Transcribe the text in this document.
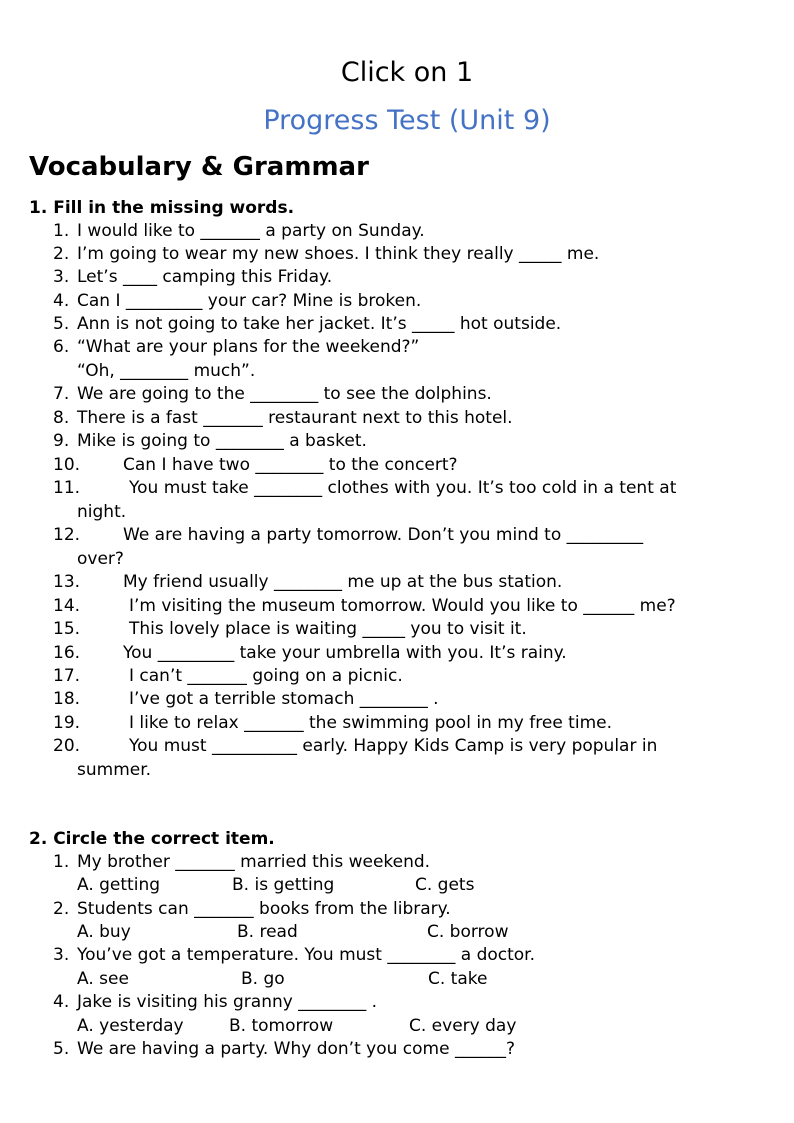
Click on 1
Progress Test (Unit 9)
Vocabulary & Grammar
1. Fill in the missing words.
1. I would like to _______ a party on Sunday.
2. I’m going to wear my new shoes. I think they really _____ me.
3. Let’s ____ camping this Friday.
4. Can I _________ your car? Mine is broken.
5. Ann is not going to take her jacket. It’s _____ hot outside.
6. “What are your plans for the weekend?”
“Oh, ________ much”.
7. We are going to the ________ to see the dolphins.
8. There is a fast _______ restaurant next to this hotel.
9. Mike is going to ________ a basket.
10.	Can I have two ________ to the concert?
11.	You must take ________ clothes with you. It’s too cold in a tent at
night.
12.	We are having a party tomorrow. Don’t you mind to _________
over?
13.	My friend usually ________ me up at the bus station.
14.	I’m visiting the museum tomorrow. Would you like to ______ me?
15.	This lovely place is waiting _____ you to visit it.
16.	You _________ take your umbrella with you. It’s rainy.
17.	I can’t _______ going on a picnic.
18.	I’ve got a terrible stomach ________ .
19.	I like to relax _______ the swimming pool in my free time.
20.	You must __________ early. Happy Kids Camp is very popular in
summer.
2. Circle the correct item.
1. My brother _______ married this weekend.
A. getting	B. is getting	C. gets
2. Students can _______ books from the library.
A. buy	B. read	C. borrow
3. You’ve got a temperature. You must ________ a doctor.
A. see	B. go	C. take
4. Jake is visiting his granny ________ .
A. yesterday	B. tomorrow	C. every day
5. We are having a party. Why don’t you come ______?
